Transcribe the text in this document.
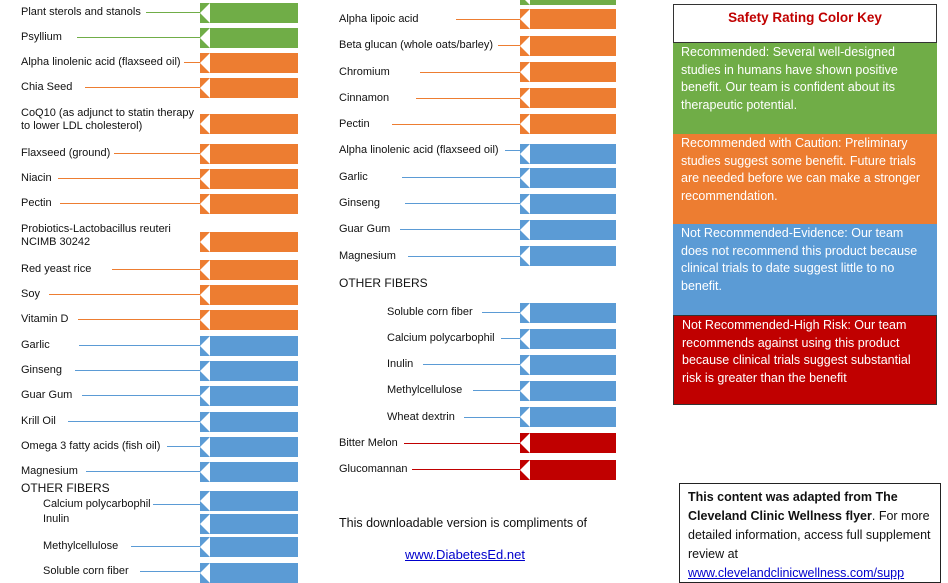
Plant sterols and stanols
Psyllium
Alpha linolenic acid (flaxseed oil)
Chia Seed
CoQ10 (as adjunct to statin therapy to lower LDL cholesterol)
Flaxseed (ground)
Niacin
Pectin
Probiotics-Lactobacillus reuteri NCIMB 30242
Red yeast rice
Soy
Vitamin D
Garlic
Ginseng
Guar Gum
Krill Oil
Omega 3 fatty acids (fish oil)
Magnesium
OTHER FIBERS
Calcium polycarbophil
Inulin
Methylcellulose
Soluble corn fiber
Alpha lipoic acid
Beta glucan (whole oats/barley)
Chromium
Cinnamon
Pectin
Alpha linolenic acid (flaxseed oil)
Garlic
Ginseng
Guar Gum
Magnesium
OTHER FIBERS
Soluble corn fiber
Calcium polycarbophil
Inulin
Methylcellulose
Wheat dextrin
Bitter Melon
Glucomannan
This downloadable version is compliments of
www.DiabetesEd.net
Safety Rating Color Key
Recommended: Several well-designed studies in humans have shown positive benefit. Our team is confident about its therapeutic potential.
Recommended with Caution: Preliminary studies suggest some benefit. Future trials are needed before we can make a stronger recommendation.
Not Recommended-Evidence: Our team does not recommend this product because clinical trials to date suggest little to no benefit.
Not Recommended-High Risk: Our team recommends against using this product because clinical trials suggest substantial risk is greater than the benefit
This content was adapted from The Cleveland Clinic Wellness flyer. For more detailed information, access full supplement review at
www.clevelandclinicwellness.com/supp
